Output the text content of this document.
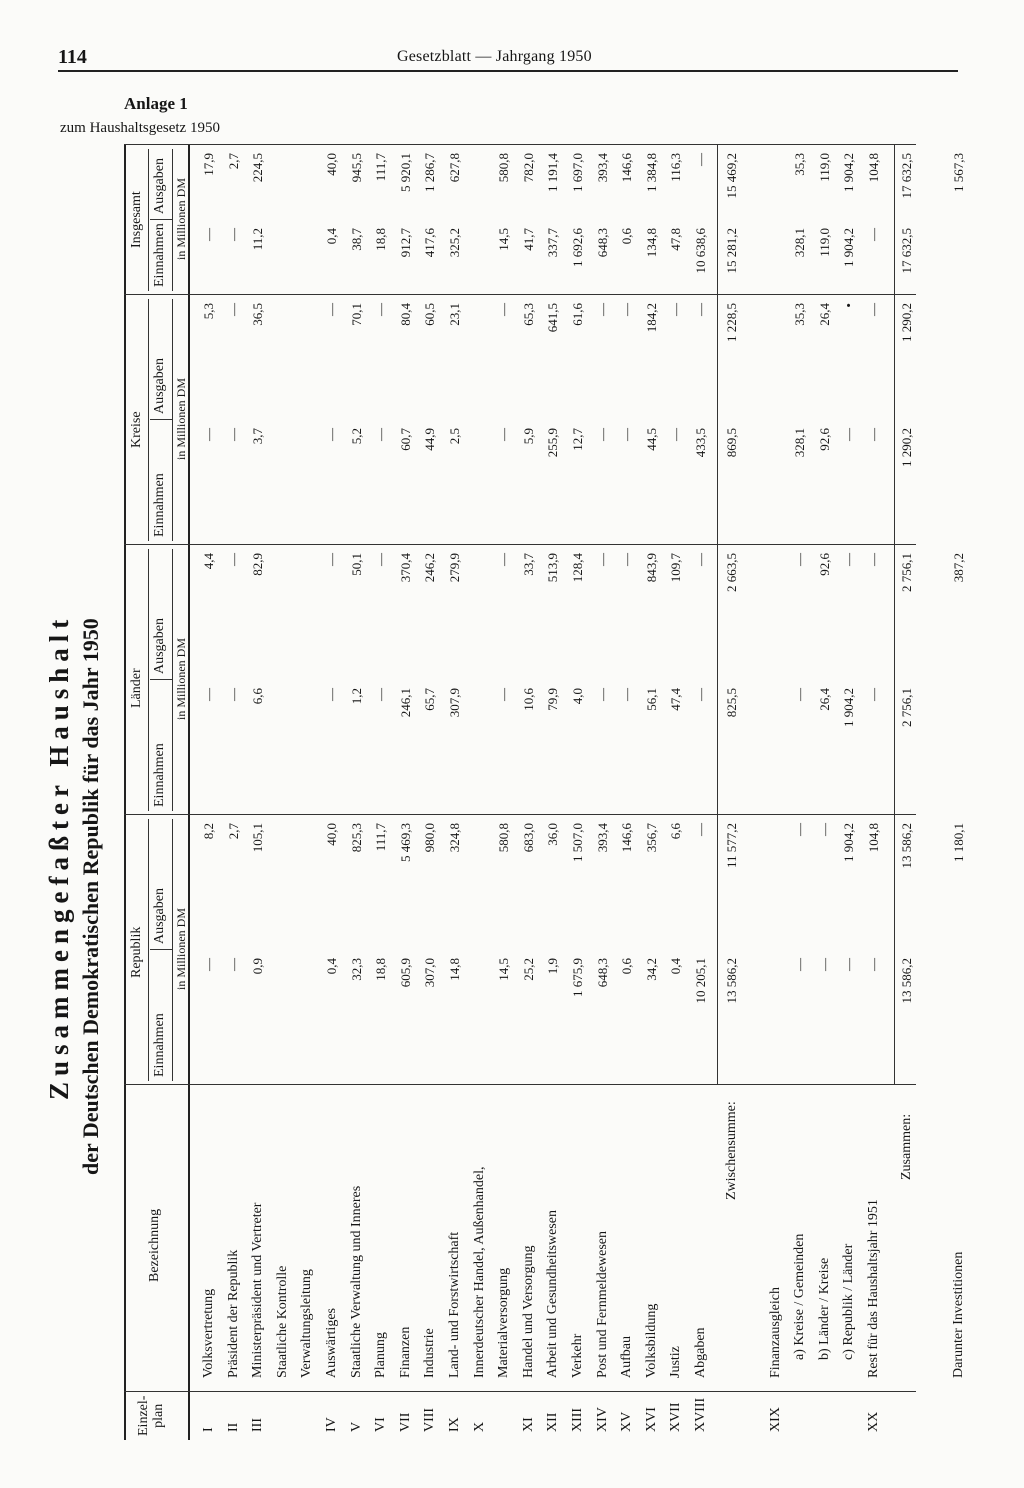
114	Gesetzblatt — Jahrgang 1950
Anlage 1
zum Haushaltsgesetz 1950
Zusammengefaßter Haushalt der Deutschen Demokratischen Republik für das Jahr 1950
Einzel-
plan
Bezeichnung
Republik
Einnahmen
Ausgaben in Millionen DM
Länder
Einnahmen
Ausgaben in Millionen DM
Kreise
Einnahmen
Ausgaben in Millionen DM
Insgesamt
Einnahmen
Ausgaben in Millionen DM
I
Volksvertretung
—
8,2
—
4,4
—
5,3
—
17,9
II
Präsident der Republik
—
2,7
—
—
—
—
—
2,7
III
Ministerpräsident und Vertreter
0,9
105,1
6,6
82,9
3,7
36,5
11,2
224,5
Staatliche Kontrolle Verwaltungsleitung
IV
Auswärtiges
0,4
40,0
—
—
—
—
0,4
40,0
V
Staatliche Verwaltung und Inneres
32,3
825,3
1,2
50,1
5,2
70,1
38,7
945,5
VI
Planung
18,8
111,7
—
—
—
—
18,8
111,7
VII
Finanzen
605,9
5 469,3
246,1
370,4
60,7
80,4
912,7
5 920,1
VIII
Industrie
307,0
980,0
65,7
246,2
44,9
60,5
417,6
1 286,7
IX
Land- und Forstwirtschaft
14,8
324,8
307,9
279,9
2,5
23,1
325,2
627,8
X
Innerdeutscher Handel, Außenhandel, Materialversorgung
14,5
580,8
—
—
—
—
14,5
580,8
XI
Handel und Versorgung
25,2
683,0
10,6
33,7
5,9
65,3
41,7
782,0
XII
Arbeit und Gesundheitswesen
1,9
36,0
79,9
513,9
255,9
641,5
337,7
1 191,4
XIII
Verkehr
1 675,9
1 507,0
4,0
128,4
12,7
61,6
1 692,6
1 697,0
XIV
Post und Fernmeldewesen
648,3
393,4
—
—
—
—
648,3
393,4
XV
Aufbau
0,6
146,6
—
—
—
—
0,6
146,6
XVI
Volksbildung
34,2
356,7
56,1
843,9
44,5
184,2
134,8
1 384,8
XVII
Justiz
0,4
6,6
47,4
109,7
—
—
47,8
116,3
XVIII
Abgaben
10 205,1
—
—
—
433,5
—
10 638,6
—
Zwischensumme:
13 586,2
11 577,2
825,5
2 663,5
869,5
1 228,5
15 281,2
15 469,2
XIX
Finanzausgleich a) Kreise / Gemeinden
—
—
—
—
328,1
35,3
328,1
35,3
b) Länder / Kreise
—
—
26,4
92,6
92,6
26,4
119,0
119,0
c) Republik / Länder
—
1 904,2
1 904,2
—
—
•
1 904,2
1 904,2
XX
Rest für das Haushaltsjahr 1951
—
104,8
—
—
—
—
—
104,8
Zusammen:
13 586,2
13 586,2
2 756,1
2 756,1
1 290,2
1 290,2
17 632,5
17 632,5
Darunter Investitionen
1 180,1
387,2
1 567,3
